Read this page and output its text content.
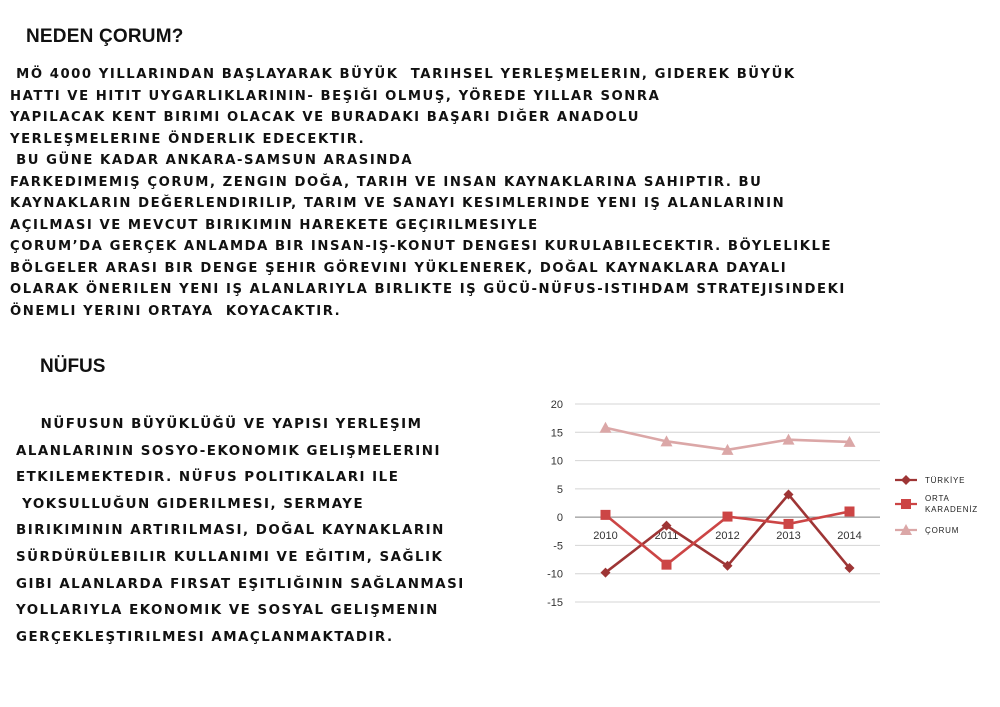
NEDEN ÇORUM?
MÖ 4000 YILLARINDAN BAŞLAYARAK BÜYÜK  TARIHSEL YERLEŞMELERIN, GIDEREK BÜYÜK
HATTI VE HITIT UYGARLIKLARININ- BEŞIĞI OLMUŞ, YÖREDE YILLAR SONRA
YAPILACAK KENT BIRIMI OLACAK VE BURADAKI BAŞARI DIĞER ANADOLU
YERLEŞMELERINE ÖNDERLIK EDECEKTIR.
BU GÜNE KADAR ANKARA-SAMSUN ARASINDA
FARKEDIMEMIŞ ÇORUM, ZENGIN DOĞA, TARIH VE INSAN KAYNAKLARINA SAHIPTIR. BU
KAYNAKLARIN DEĞERLENDIRILIP, TARIM VE SANAYI KESIMLERINDE YENI IŞ ALANLARININ
AÇILMASI VE MEVCUT BIRIKIMIN HAREKETE GEÇIRILMESIYLE
ÇORUM’DA GERÇEK ANLAMDA BIR INSAN-IŞ-KONUT DENGESI KURULABILECEKTIR. BÖYLELIKLE
BÖLGELER ARASI BIR DENGE ŞEHIR GÖREVINI YÜKLENEREK, DOĞAL KAYNAKLARA DAYALI
OLARAK ÖNERILEN YENI IŞ ALANLARIYLA BIRLIKTE IŞ GÜCÜ-NÜFUS-ISTIHDAM STRATEJISINDEKI
ÖNEMLI YERINI ORTAYA  KOYACAKTIR.
NÜFUS
NÜFUSUN BÜYÜKLÜĞÜ VE YAPISI YERLEŞIM
ALANLARININ SOSYO-EKONOMIK GELIŞMELERINI
ETKILEMEKTEDIR. NÜFUS POLITIKALARI ILE
YOKSULLUĞUN GIDERILMESI, SERMAYE
BIRIKIMININ ARTIRILMASI, DOĞAL KAYNAKLARIN
SÜRDÜRÜLEBILIR KULLANIMI VE EĞITIM, SAĞLIK
GIBI ALANLARDA FIRSAT EŞITLIĞININ SAĞLANMASI
YOLLARIYLA EKONOMIK VE SOSYAL GELIŞMENIN
GERÇEKLEŞTIRILMESI AMAÇLANMAKTADIR.
20
15
10
5
0
-5
-10
-15
2010	2011	2012	2013	2014
TÜRKİYE
ORTA KARADENİZ
ÇORUM
